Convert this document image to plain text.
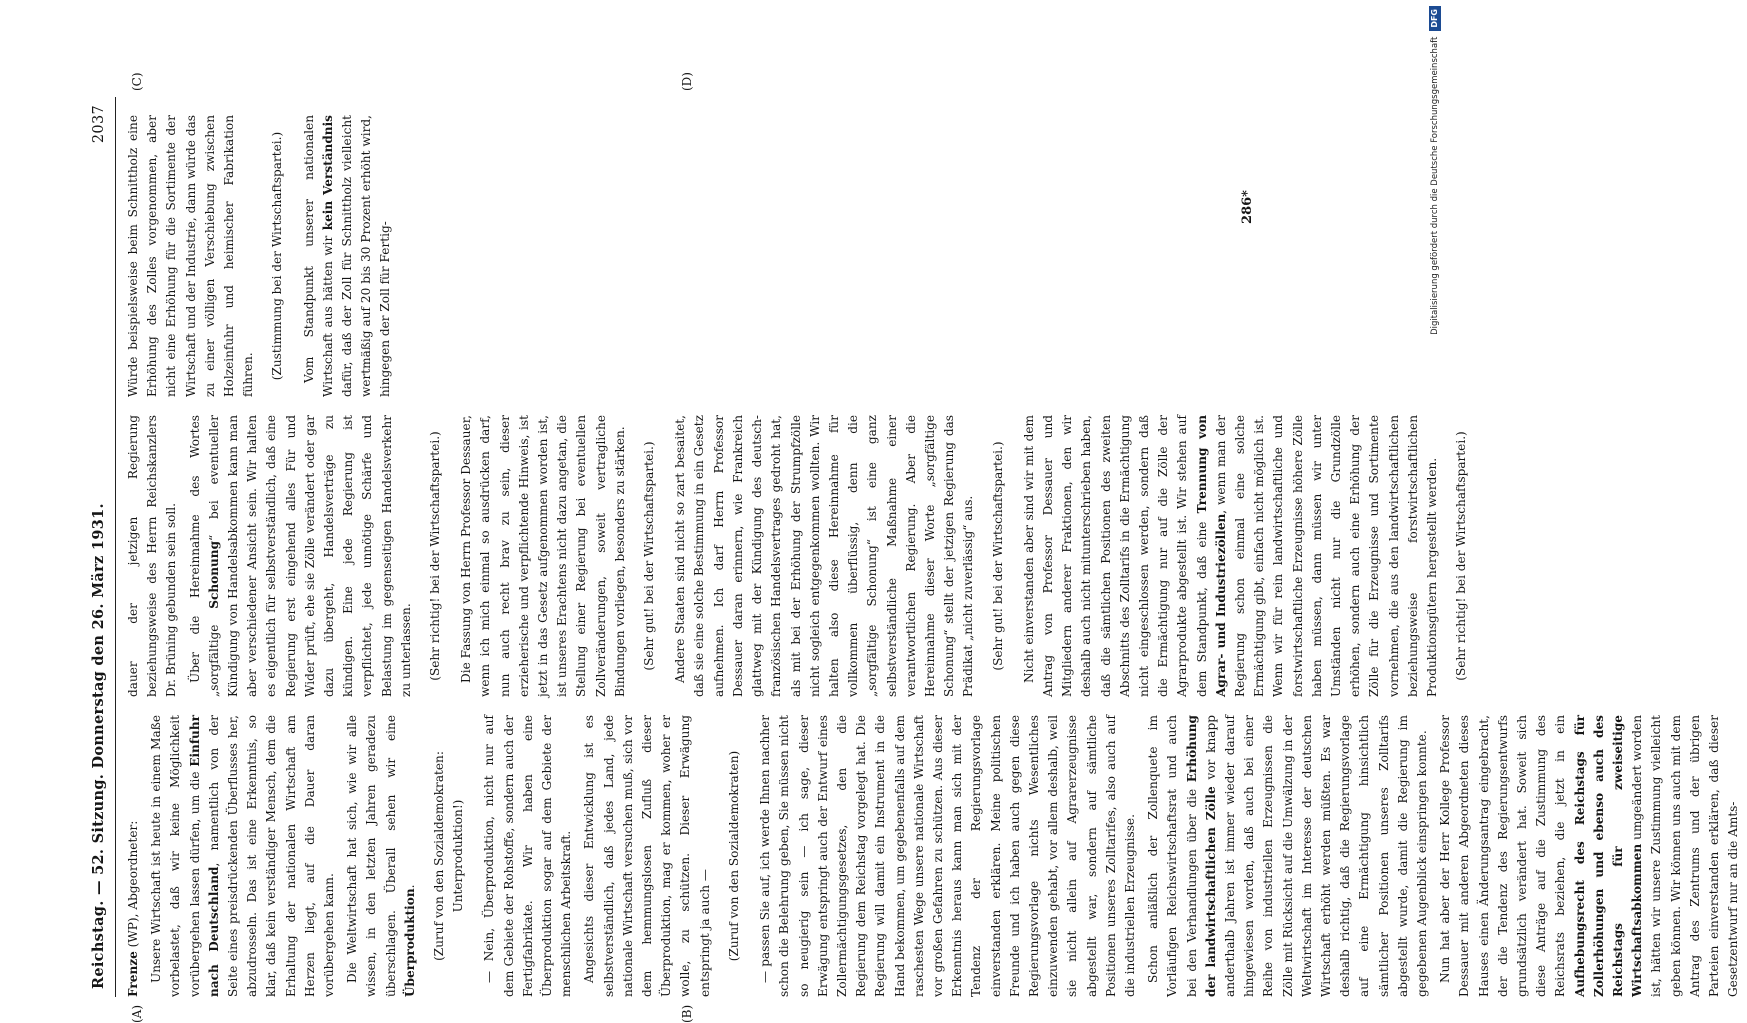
Reichstag. — 52. Sitzung. Donnerstag den 26. März 1931.
2037
(A)	(B)
(C)	(D)

Frenze (WP), Abgeordneter: Unsere Wirtschaft ist heute in einem Maße vorbelastet, daß wir keine Möglichkeit vorübergehen lassen dürfen, um die Einfuhr nach Deutschland, namentlich von der Seite eines preisdrückenden Überflusses her, abzudrosseln. Das ist eine Erkenntnis, so klar, daß kein verständiger Mensch, dem die Erhaltung der nationalen Wirtschaft am Herzen liegt, auf die Dauer daran vorübergehen kann. Die Weltwirtschaft hat sich, wie wir alle wissen, in den letzten Jahren geradezu überschlagen. Überall sehen wir eine Überproduktion. (Zuruf von den Sozialdemokraten: Unterproduktion!) — Nein, Überproduktion, nicht nur auf dem Gebiete der Rohstoffe, sondern auch der Fertigfabrikate. Wir haben eine Überproduktion sogar auf dem Gebiete der menschlichen Arbeitskraft. Angesichts dieser Entwicklung ist es selbstverständlich, daß jedes Land, jede nationale Wirtschaft versuchen muß, sich vor dem hemmungslosen Zufluß dieser Überproduktion, mag er kommen, woher er wolle, zu schützen. Dieser Erwägung entspringt ja auch — (Zuruf von den Sozialdemokraten) — passen Sie auf, ich werde Ihnen nachher schon die Belehrung geben, Sie müssen nicht so neugierig sein — ich sage, dieser Erwägung entspringt auch der Entwurf eines Zollermächtigungsgesetzes, den die Regierung dem Reichstag vorgelegt hat. Die Regierung will damit ein Instrument in die Hand bekommen, um gegebenenfalls auf dem raschesten Wege unsere nationale Wirtschaft vor großen Gefahren zu schützen. Aus dieser Erkenntnis heraus kann man sich mit der Tendenz der Regierungsvorlage einverstanden erklären. Meine politischen Freunde und ich haben auch gegen diese Regierungsvorlage nichts Wesentliches einzuwenden gehabt, vor allem deshalb, weil sie nicht allein auf Agrarerzeugnisse abgestellt war, sondern auf sämtliche Positionen unseres Zolltarifes, also auch auf die industriellen Erzeugnisse. Schon anläßlich der Zollenquete im Vorläufigen Reichswirtschaftsrat und auch bei den Verhandlungen über die Erhöhung der landwirtschaftlichen Zölle vor knapp anderthalb Jahren ist immer wieder darauf hingewiesen worden, daß auch bei einer Reihe von industriellen Erzeugnissen die Zölle mit Rücksicht auf die Umwälzung in der Weltwirtschaft im Interesse der deutschen Wirtschaft erhöht werden müßten. Es war deshalb richtig, daß die Regierungsvorlage auf eine Ermächtigung hinsichtlich sämtlicher Positionen unseres Zolltarifs abgestellt wurde, damit die Regierung im gegebenen Augenblick einspringen konnte. Nun hat aber der Herr Kollege Professor Dessauer mit anderen Abgeordneten dieses Hauses einen Änderungsantrag eingebracht, der die Tendenz des Regierungsentwurfs grundsätzlich verändert hat. Soweit sich diese Anträge auf die Zustimmung des Reichsrats beziehen, die jetzt in ein Aufhebungsrecht des Reichstags für Zollerhöhungen und ebenso auch des Reichstags für zweiseitige Wirtschaftsabkommen umgeändert worden ist, hätten wir unsere Zustimmung vielleicht geben können. Wir können uns auch mit dem Antrag des Zentrums und der übrigen Parteien einverstanden erklären, daß dieser Gesetzentwurf nur an die Amts-

dauer der jetzigen Regierung beziehungsweise des Herrn Reichskanzlers Dr. Brüning gebunden sein soll. Über die Hereinnahme des Wortes „sorgfältige Schonung“ bei eventueller Kündigung von Handelsabkommen kann man aber verschiedener Ansicht sein. Wir halten es eigentlich für selbstverständlich, daß eine Regierung erst eingehend alles Für und Wider prüft, ehe sie Zölle verändert oder gar dazu übergeht, Handelsverträge zu kündigen. Eine jede Regierung ist verpflichtet, jede unnötige Schärfe und Belastung im gegenseitigen Handelsverkehr zu unterlassen. (Sehr richtig! bei der Wirtschaftspartei.) Die Fassung von Herrn Professor Dessauer, wenn ich mich einmal so ausdrücken darf, nun auch recht brav zu sein, dieser erzieherische und verpflichtende Hinweis, ist jetzt in das Gesetz aufgenommen worden ist, ist unseres Erachtens nicht dazu angetan, die Stellung einer Regierung bei eventuellen Zollveränderungen, soweit vertragliche Bindungen vorliegen, besonders zu stärken. (Sehr gut! bei der Wirtschaftspartei.) Andere Staaten sind nicht so zart besaitet, daß sie eine solche Bestimmung in ein Gesetz aufnehmen. Ich darf Herrn Professor Dessauer daran erinnern, wie Frankreich glattweg mit der Kündigung des deutsch-französischen Handelsvertrages gedroht hat, als mit bei der Erhöhung der Strumpfzölle nicht sogleich entgegenkommen wollten. Wir halten also diese Hereinnahme für vollkommen überflüssig, denn die „sorgfältige Schonung“ ist eine ganz selbstverständliche Maßnahme einer verantwortlichen Regierung. Aber die Hereinnahme dieser Worte „sorgfältige Schonung“ stellt der jetzigen Regierung das Prädikat „nicht zuverlässig“ aus. (Sehr gut! bei der Wirtschaftspartei.) Nicht einverstanden aber sind wir mit dem Antrag von Professor Dessauer und Mitgliedern anderer Fraktionen, den wir deshalb auch nicht mitunterschrieben haben, daß die sämtlichen Positionen des zweiten Abschnitts des Zolltarifs in die Ermächtigung nicht eingeschlossen werden, sondern daß die Ermächtigung nur auf die Zölle der Agrarprodukte abgestellt ist. Wir stehen auf dem Standpunkt, daß eine Trennung von Agrar- und Industriezöllen, wenn man der Regierung schon einmal eine solche Ermächtigung gibt, einfach nicht möglich ist. Wenn wir für rein landwirtschaftliche und forstwirtschaftliche Erzeugnisse höhere Zölle haben müssen, dann müssen wir unter Umständen nicht nur die Grundzölle erhöhen, sondern auch eine Erhöhung der Zölle für die Erzeugnisse und Sortimente vornehmen, die aus den landwirtschaftlichen beziehungsweise forstwirtschaftlichen Produktionsgütern hergestellt werden. (Sehr richtig! bei der Wirtschaftspartei.)

Würde beispielsweise beim Schnittholz eine Erhöhung des Zolles vorgenommen, aber nicht eine Erhöhung für die Sortimente der Wirtschaft und der Industrie, dann würde das zu einer völligen Verschiebung zwischen Holzeinfuhr und heimischer Fabrikation führen. (Zustimmung bei der Wirtschaftspartei.) Vom Standpunkt unserer nationalen Wirtschaft aus hätten wir kein Verständnis dafür, daß der Zoll für Schnittholz vielleicht wertmäßig auf 20 bis 30 Prozent erhöht wird, hingegen der Zoll für Fertig-

286*	Digitalisierung gefördert durch die Deutsche Forschungsgemeinschaft
DFG
